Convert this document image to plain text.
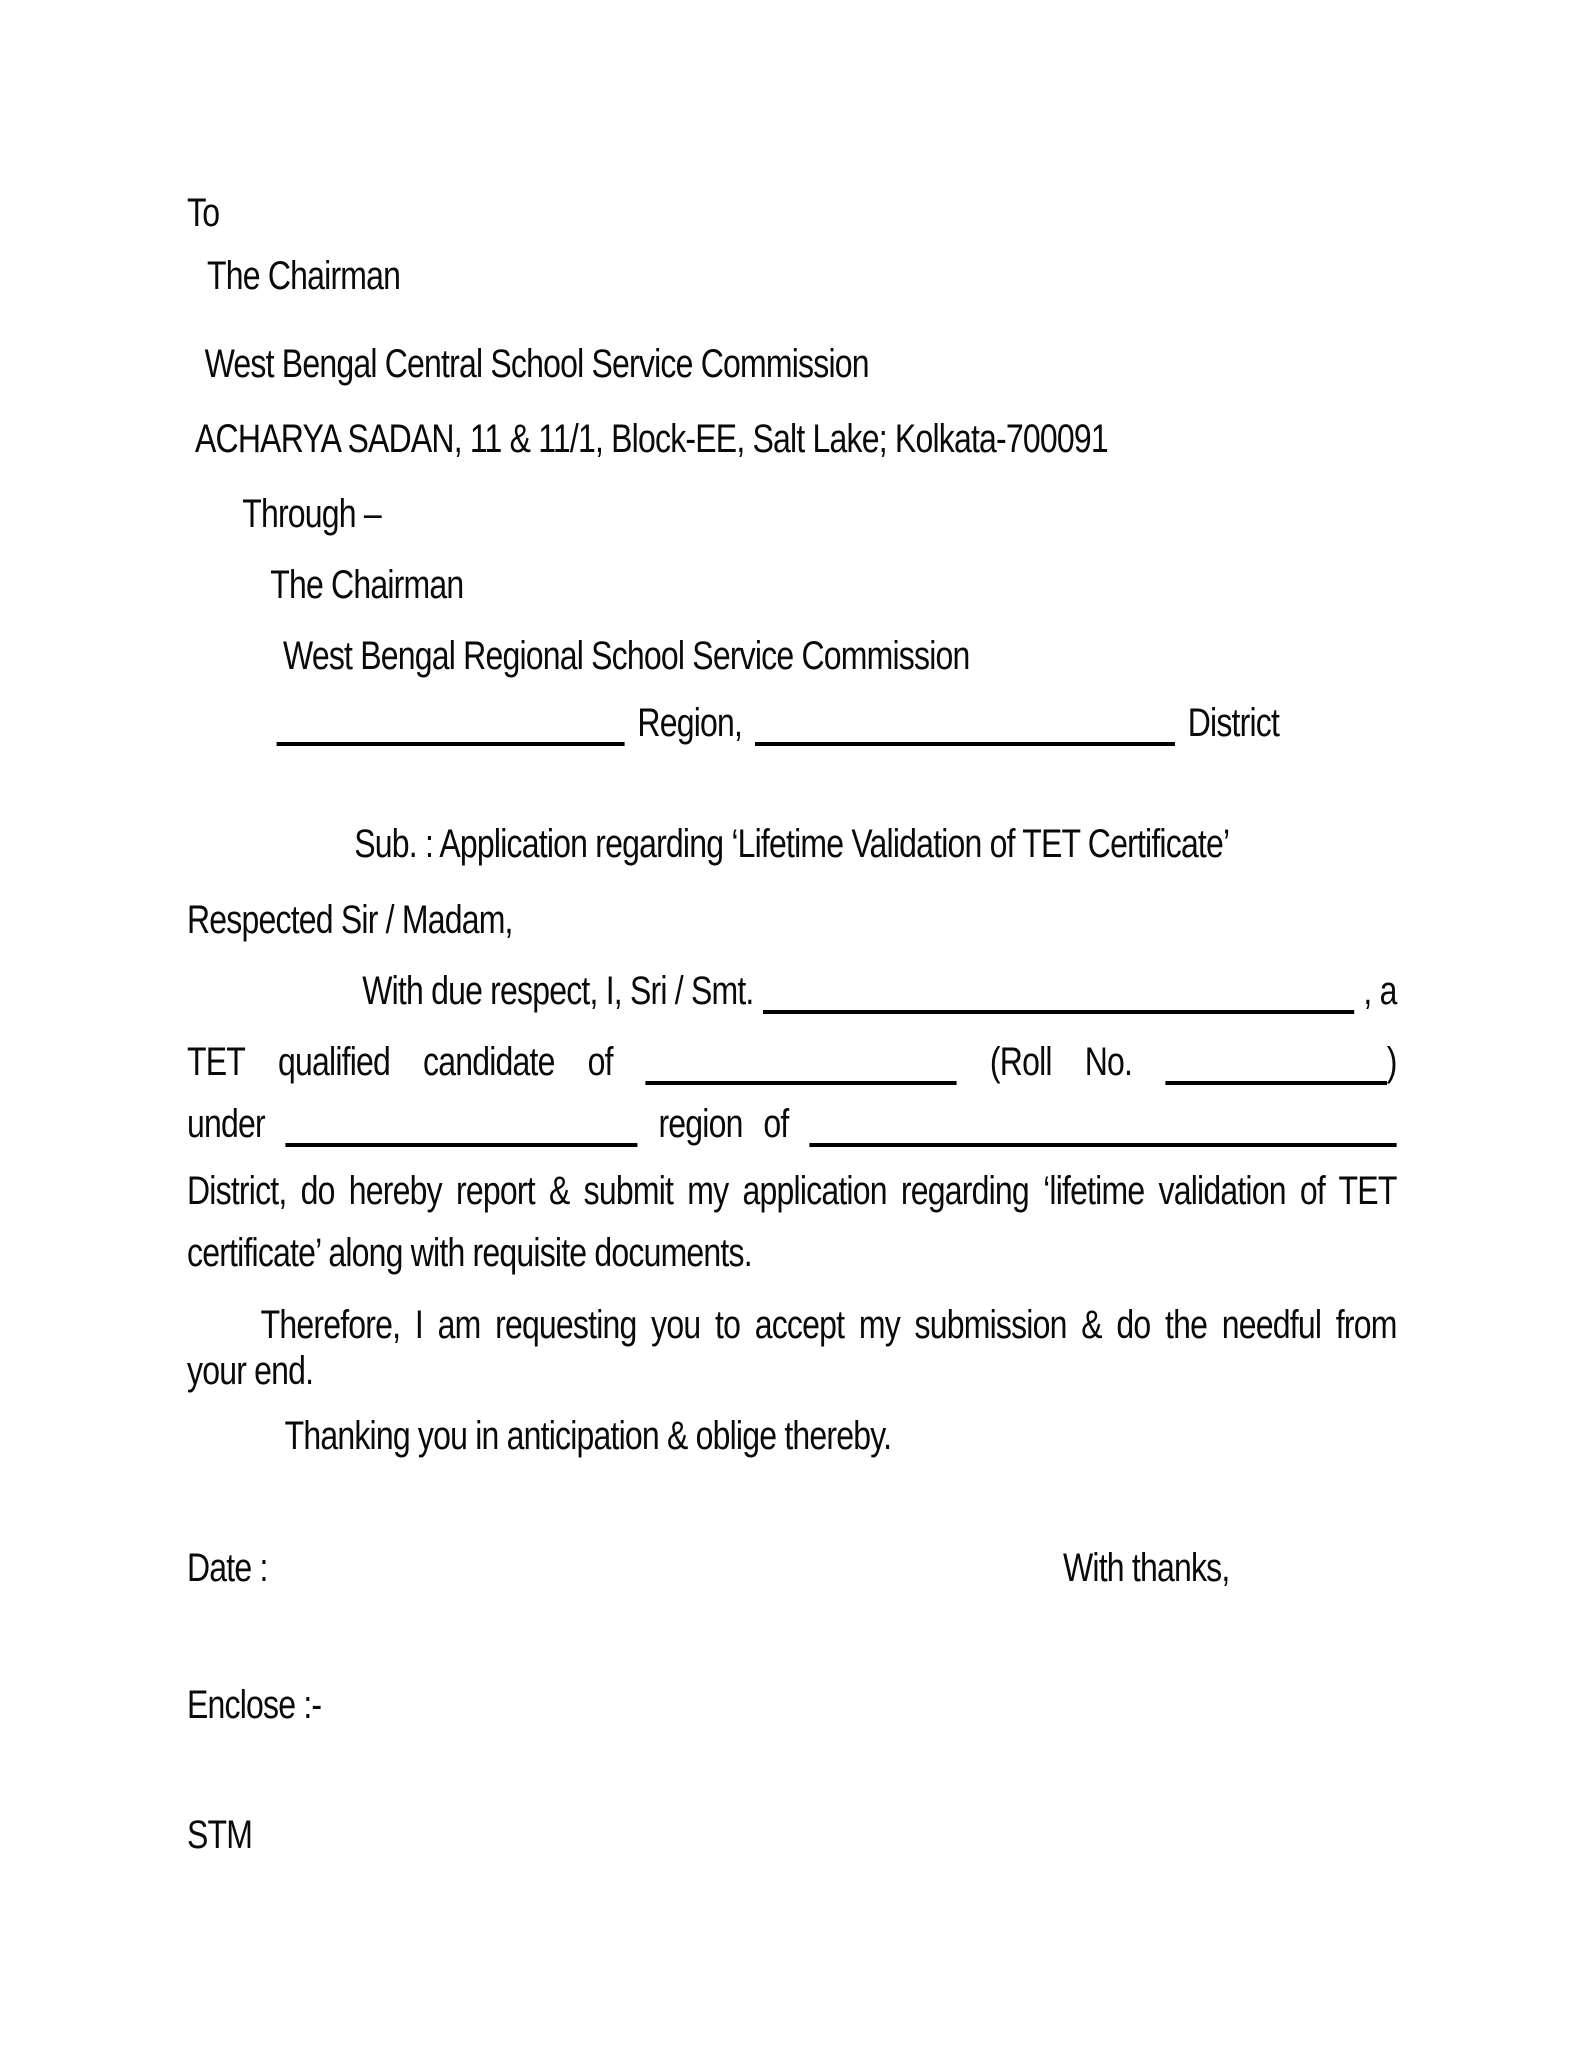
To
The Chairman
West Bengal Central School Service Commission
ACHARYA SADAN, 11 & 11/1, Block-EE, Salt Lake; Kolkata-700091
Through –
The Chairman
West Bengal Regional School Service Commission
Region,	District
Sub. : Application regarding ‘Lifetime Validation of TET Certificate’
Respected Sir / Madam,
With due respect, I, Sri / Smt.	, a
TET qualified candidate of	(Roll No.	)
under	region of
District, do hereby report & submit my application regarding ‘lifetime validation of TET
certificate’ along with requisite documents.
Therefore, I am requesting you to accept my submission & do the needful from
your end.
Thanking you in anticipation & oblige thereby.
Date :	With thanks,
Enclose :-
STM
